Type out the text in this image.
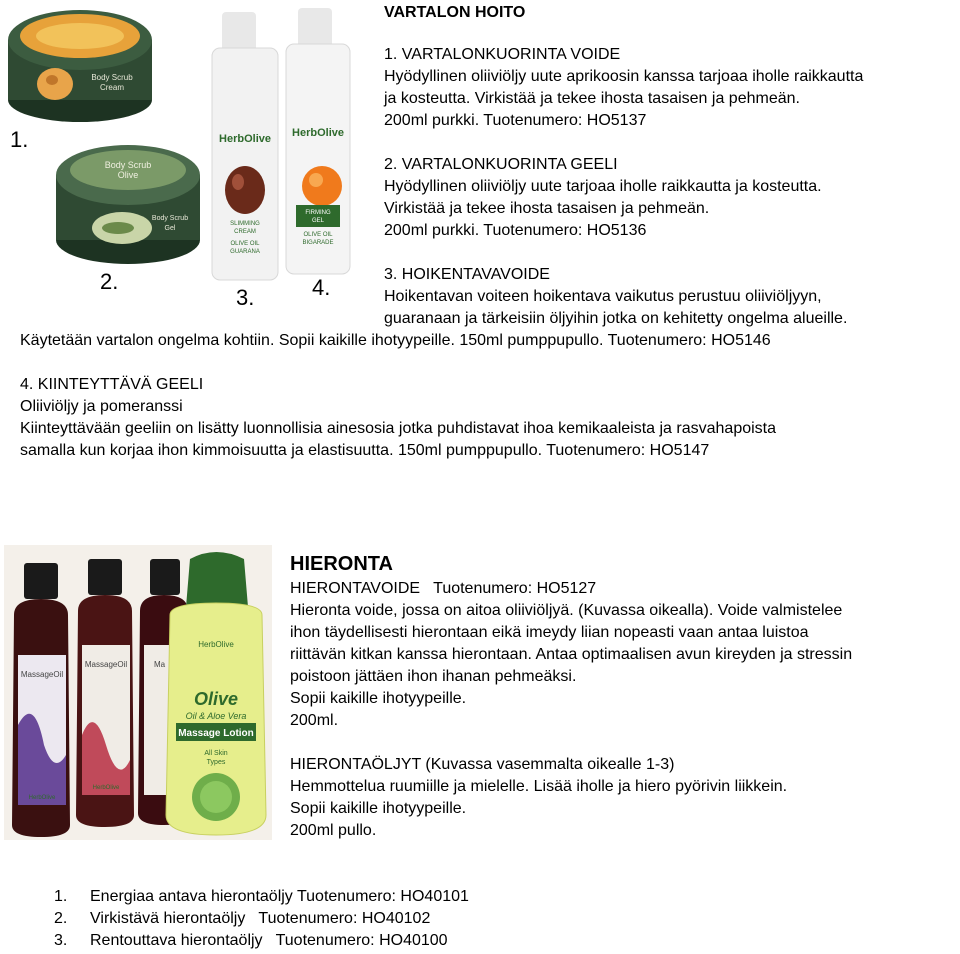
Body Scrub
Cream
Body Scrub
Olive
Body Scrub
Gel
HerbOlive
SLIMMING
CREAM
OLIVE OIL
GUARANA
HerbOlive
FIRMING
GEL
OLIVE OIL
BIGARADE
1.
2.
3.	4.
VARTALON HOITO
1. VARTALONKUORINTA VOIDE
Hyödyllinen oliiviöljy uute aprikoosin kanssa tarjoaa iholle raikkautta
ja kosteutta. Virkistää ja tekee ihosta tasaisen ja pehmeän.
200ml purkki. Tuotenumero: HO5137
2. VARTALONKUORINTA GEELI
Hyödyllinen oliiviöljy uute tarjoaa iholle raikkautta ja kosteutta.
Virkistää ja tekee ihosta tasaisen ja pehmeän.
200ml purkki. Tuotenumero: HO5136
3. HOIKENTAVAVOIDE
Hoikentavan voiteen hoikentava vaikutus perustuu oliiviöljyyn,
guaranaan ja tärkeisiin öljyihin jotka on kehitetty ongelma alueille.
Käytetään vartalon ongelma kohtiin. Sopii kaikille ihotyypeille. 150ml pumppupullo. Tuotenumero: HO5146
4. KIINTEYTTÄVÄ GEELI
Oliiviöljy ja pomeranssi
Kiinteyttävään geeliin on lisätty luonnollisia ainesosia jotka puhdistavat ihoa kemikaaleista ja rasvahapoista
samalla kun korjaa ihon kimmoisuutta ja elastisuutta. 150ml pumppupullo. Tuotenumero: HO5147
MassageOil
HerbOlive
MassageOil
HerbOlive
Ma
HerbOlive
Olive
Oil & Aloe Vera
Massage Lotion
All Skin
Types
HIERONTA
HIERONTAVOIDE   Tuotenumero: HO5127
Hieronta voide, jossa on aitoa oliiviöljyä. (Kuvassa oikealla). Voide valmistelee
ihon täydellisesti hierontaan eikä imeydy liian nopeasti vaan antaa luistoa
riittävän kitkan kanssa hierontaan. Antaa optimaalisen avun kireyden ja stressin
poistoon jättäen ihon ihanan pehmeäksi.
Sopii kaikille ihotyypeille.
200ml.
HIERONTAÖLJYT (Kuvassa vasemmalta oikealle 1-3)
Hemmottelua ruumiille ja mielelle. Lisää iholle ja hiero pyörivin liikkein.
Sopii kaikille ihotyypeille.
200ml pullo.
1. Energiaa antava hierontaöljy Tuotenumero: HO40101
2. Virkistävä hierontaöljy   Tuotenumero: HO40102
3. Rentouttava hierontaöljy   Tuotenumero: HO40100
